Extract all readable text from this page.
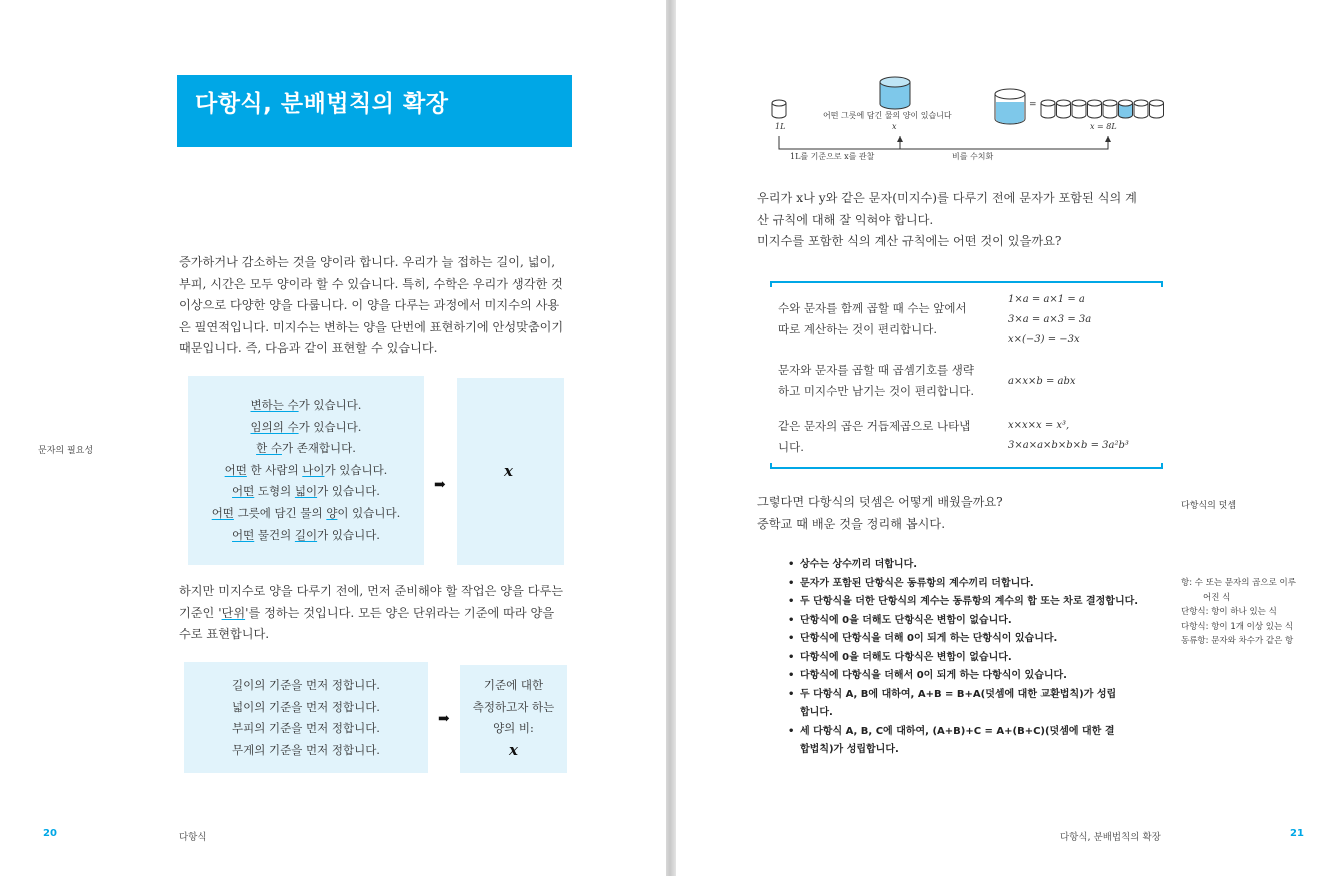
다항식, 분배법칙의 확장
증가하거나 감소하는 것을 양이라 합니다. 우리가 늘 접하는 길이, 넓이,
부피, 시간은 모두 양이라 할 수 있습니다. 특히, 수학은 우리가 생각한 것
이상으로 다양한 양을 다룹니다. 이 양을 다루는 과정에서 미지수의 사용
은 필연적입니다. 미지수는 변하는 양을 단번에 표현하기에 안성맞춤이기
때문입니다. 즉, 다음과 같이 표현할 수 있습니다.
문자의 필요성
변하는 수가 있습니다.
임의의 수가 있습니다.
한 수가 존재합니다.
어떤 한 사람의 나이가 있습니다.
어떤 도형의 넓이가 있습니다.
어떤 그릇에 담긴 물의 양이 있습니다.
어떤 물건의 길이가 있습니다.
➡
x
하지만 미지수로 양을 다루기 전에, 먼저 준비해야 할 작업은 양을 다루는
기준인 '단위'를 정하는 것입니다. 모든 양은 단위라는 기준에 따라 양을
수로 표현합니다.
길이의 기준을 먼저 정합니다.
넓이의 기준을 먼저 정합니다.
부피의 기준을 먼저 정합니다.
무게의 기준을 먼저 정합니다.
➡
기준에 대한
측정하고자 하는
양의 비:
x
20	다항식
1L
어떤 그릇에 담긴 물의 양이 있습니다
x
=
x = 8L
1L를 기준으로 x를 관찰	비를 수치화
우리가 x나 y와 같은 문자(미지수)를 다루기 전에 문자가 포함된 식의 계
산 규칙에 대해 잘 익혀야 합니다.
미지수를 포함한 식의 계산 규칙에는 어떤 것이 있을까요?
수와 문자를 함께 곱할 때 수는 앞에서
따로 계산하는 것이 편리합니다.
1×a = a×1 = a
3×a = a×3 = 3a
x×(−3) = −3x
문자와 문자를 곱할 때 곱셈기호를 생략
하고 미지수만 남기는 것이 편리합니다.
a×x×b = abx
같은 문자의 곱은 거듭제곱으로 나타냅
니다.
x×x×x = x³,
3×a×a×b×b×b = 3a²b³
그렇다면 다항식의 덧셈은 어떻게 배웠을까요?
중학교 때 배운 것을 정리해 봅시다.
다항식의 덧셈
• 상수는 상수끼리 더합니다.
• 문자가 포함된 단항식은 동류항의 계수끼리 더합니다.
• 두 단항식을 더한 단항식의 계수는 동류항의 계수의 합 또는 차로 결정합니다.
• 단항식에 0을 더해도 단항식은 변함이 없습니다.
• 단항식에 단항식을 더해 0이 되게 하는 단항식이 있습니다.
• 다항식에 0을 더해도 다항식은 변함이 없습니다.
• 다항식에 다항식을 더해서 0이 되게 하는 다항식이 있습니다.
• 두 다항식 A, B에 대하여, A+B = B+A(덧셈에 대한 교환법칙)가 성립
합니다.
• 세 다항식 A, B, C에 대하여, (A+B)+C = A+(B+C)(덧셈에 대한 결
합법칙)가 성립합니다.
항: 수 또는 문자의 곱으로 이루
어진 식
단항식: 항이 하나 있는 식
다항식: 항이 1개 이상 있는 식
동류항: 문자와 차수가 같은 항
다항식, 분배법칙의 확장	21
